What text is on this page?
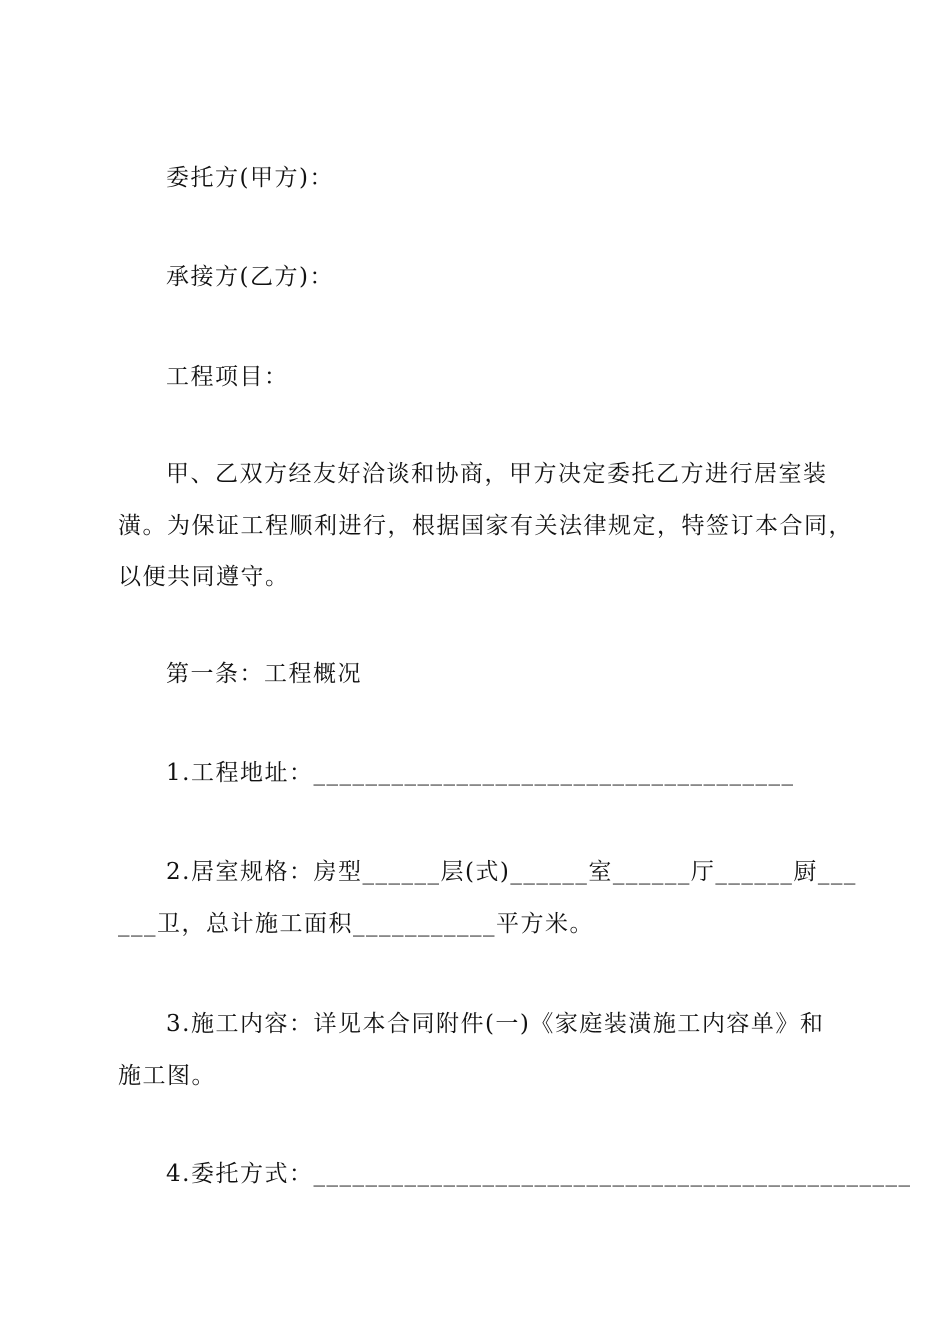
委托方(甲方)：
承接方(乙方)：
工程项目：
甲、乙双方经友好洽谈和协商，甲方决定委托乙方进行居室装
潢。为保证工程顺利进行，根据国家有关法律规定，特签订本合同，
以便共同遵守。
第一条：工程概况
1.工程地址：_____________________________________
2.居室规格：房型______层(式)______室______厅______厨___
___卫，总计施工面积___________平方米。
3.施工内容：详见本合同附件(一)《家庭装潢施工内容单》和
施工图。
4.委托方式：______________________________________________
